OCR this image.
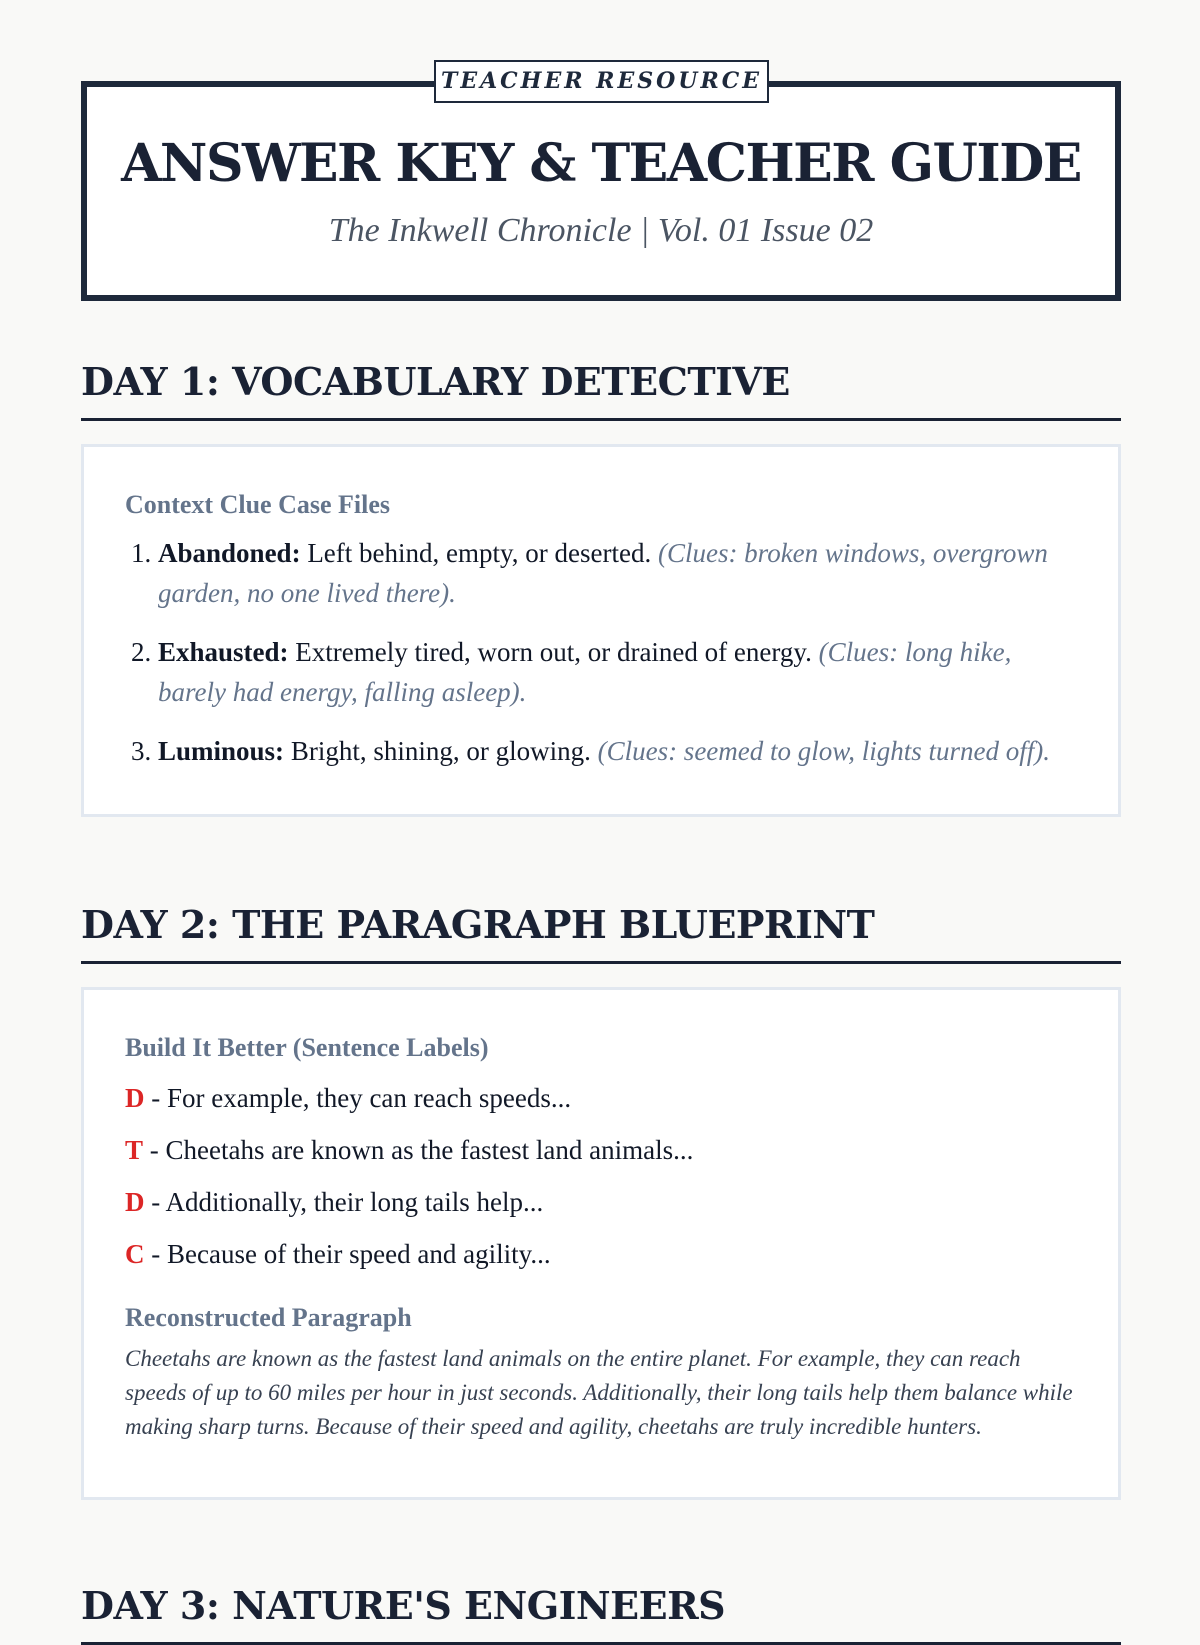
TEACHER RESOURCE
ANSWER KEY & TEACHER GUIDE

The Inkwell Chronicle | Vol. 01 Issue 02

DAY 1: VOCABULARY DETECTIVE
Context Clue Case Files
1. Abandoned: Left behind, empty, or deserted. (Clues: broken windows, overgrown garden, no one lived there).
2. Exhausted: Extremely tired, worn out, or drained of energy. (Clues: long hike, barely had energy, falling asleep).
3. Luminous: Bright, shining, or glowing. (Clues: seemed to glow, lights turned off).
DAY 2: THE PARAGRAPH BLUEPRINT
Build It Better (Sentence Labels)
D - For example, they can reach speeds...
T - Cheetahs are known as the fastest land animals...
D - Additionally, their long tails help...
C - Because of their speed and agility...
Reconstructed Paragraph

Cheetahs are known as the fastest land animals on the entire planet. For example, they can reach speeds of up to 60 miles per hour in just seconds. Additionally, their long tails help them balance while making sharp turns. Because of their speed and agility, cheetahs are truly incredible hunters.

DAY 3: NATURE'S ENGINEERS
